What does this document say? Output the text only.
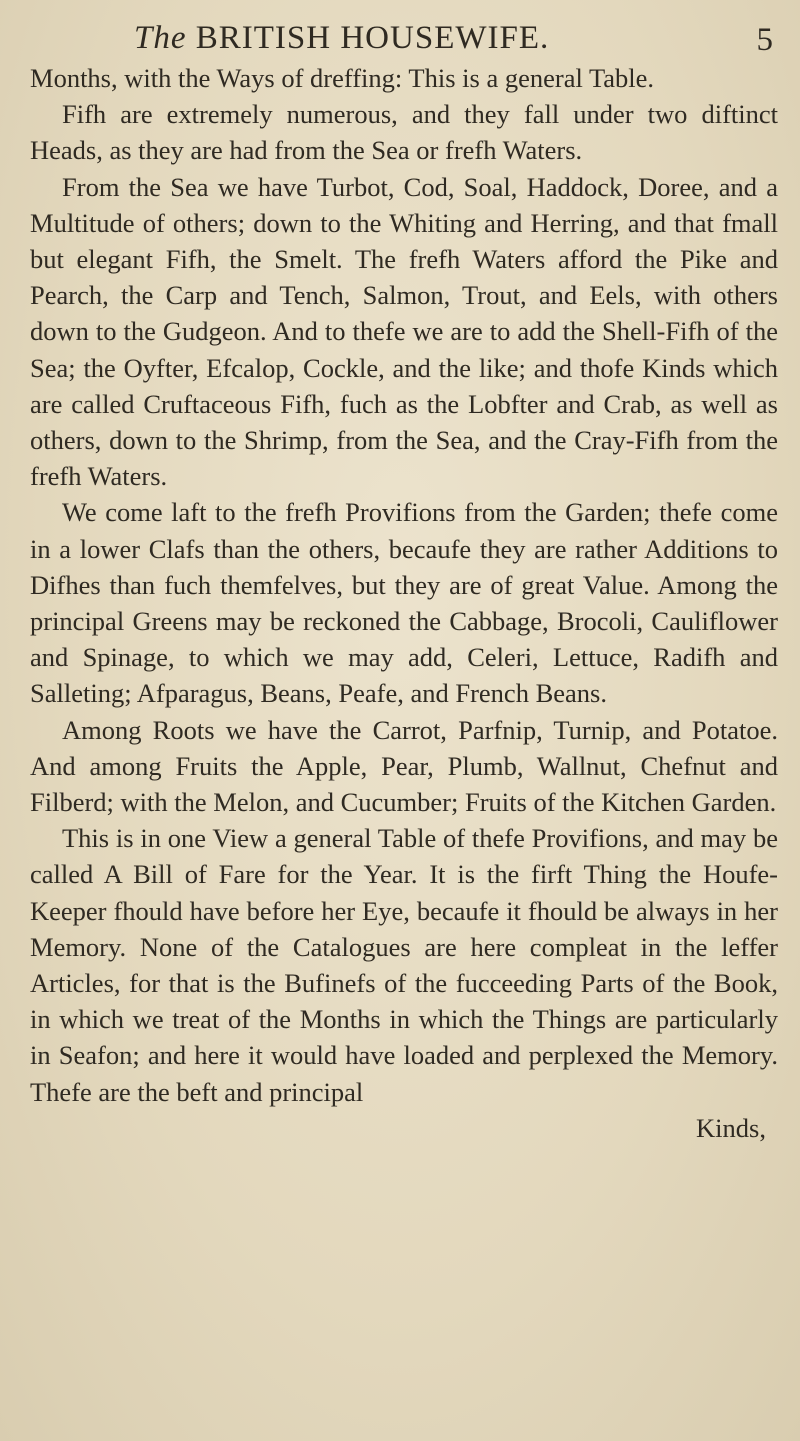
The BRITISH HOUSEWIFE.	5

Months, with the Ways of dreffing: This is a general Table.

Fifh are extremely numerous, and they fall under two diftinct Heads, as they are had from the Sea or frefh Waters.

From the Sea we have Turbot, Cod, Soal, Haddock, Doree, and a Multitude of others; down to the Whiting and Herring, and that fmall but elegant Fifh, the Smelt. The frefh Waters afford the Pike and Pearch, the Carp and Tench, Salmon, Trout, and Eels, with others down to the Gudgeon. And to thefe we are to add the Shell-Fifh of the Sea; the Oyfter, Efcalop, Cockle, and the like; and thofe Kinds which are called Cruftaceous Fifh, fuch as the Lobfter and Crab, as well as others, down to the Shrimp, from the Sea, and the Cray-Fifh from the frefh Waters.

We come laft to the frefh Provifions from the Garden; thefe come in a lower Clafs than the others, becaufe they are rather Additions to Difhes than fuch themfelves, but they are of great Value. Among the principal Greens may be reckoned the Cabbage, Brocoli, Cauliflower and Spinage, to which we may add, Celeri, Lettuce, Radifh and Salleting; Afparagus, Beans, Peafe, and French Beans.

Among Roots we have the Carrot, Parfnip, Turnip, and Potatoe. And among Fruits the Apple, Pear, Plumb, Wallnut, Chefnut and Filberd; with the Melon, and Cucumber; Fruits of the Kitchen Garden.

This is in one View a general Table of thefe Provifions, and may be called A Bill of Fare for the Year. It is the firft Thing the Houfe-Keeper fhould have before her Eye, becaufe it fhould be always in her Memory. None of the Catalogues are here compleat in the leffer Articles, for that is the Bufinefs of the fucceeding Parts of the Book, in which we treat of the Months in which the Things are particularly in Seafon; and here it would have loaded and perplexed the Memory. Thefe are the beft and principal

Kinds,
